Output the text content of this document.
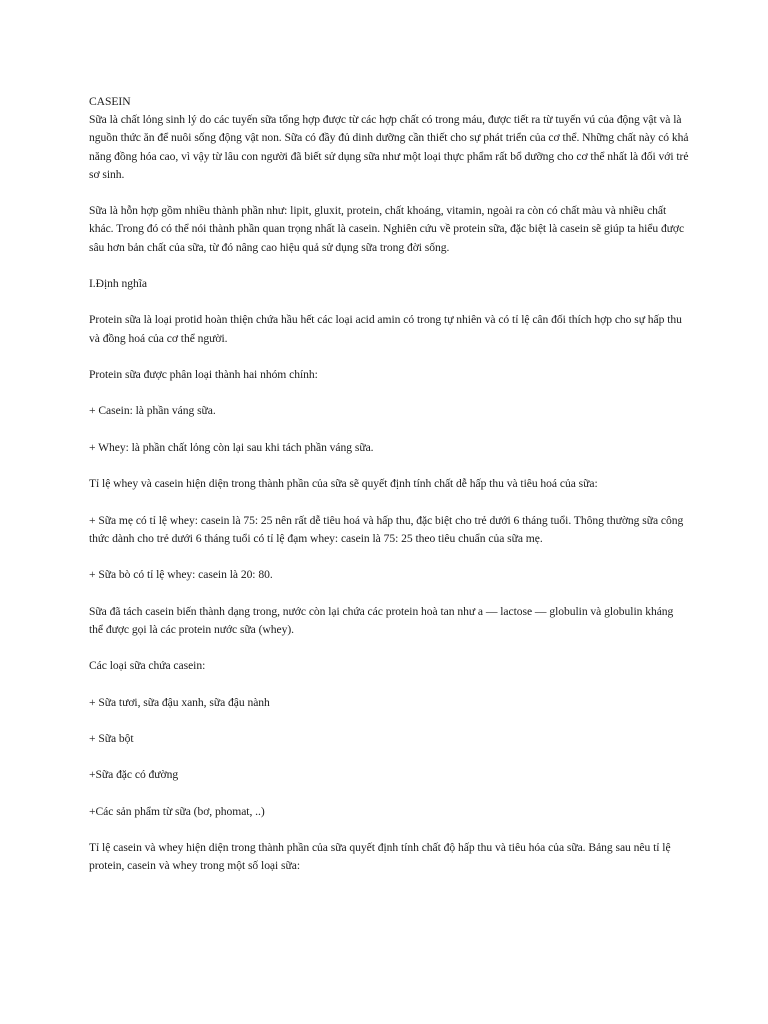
CASEIN

Sữa là chất lỏng sinh lý do các tuyến sữa tổng hợp được từ các hợp chất có trong máu, được tiết ra từ tuyến vú của động vật và là nguồn thức ăn để nuôi sống động vật non. Sữa có đầy đủ dinh dưỡng cần thiết cho sự phát triển của cơ thể. Những chất này có khả năng đồng hóa cao, vì vậy từ lâu con người đã biết sử dụng sữa như một loại thực phẩm rất bổ dưỡng cho cơ thể nhất là đối với trẻ sơ sinh.

Sữa là hỗn hợp gồm nhiều thành phần như: lipit, gluxit, protein, chất khoáng, vitamin, ngoài ra còn có chất màu và nhiều chất khác. Trong đó có thể nói thành phần quan trọng nhất là casein. Nghiên cứu về protein sữa, đặc biệt là casein sẽ giúp ta hiểu được sâu hơn bản chất của sữa, từ đó nâng cao hiệu quả sử dụng sữa trong đời sống.

I.Định nghĩa

Protein sữa là loại protid hoàn thiện chứa hầu hết các loại acid amin có trong tự nhiên và có tỉ lệ cân đối thích hợp cho sự hấp thu và đồng hoá của cơ thể người.

Protein sữa được phân loại thành hai nhóm chính:

+ Casein: là phần váng sữa.

+ Whey: là phần chất lỏng còn lại sau khi tách phần váng sữa.

Tỉ lệ whey và casein hiện diện trong thành phần của sữa sẽ quyết định tính chất dễ hấp thu và tiêu hoá của sữa:

+ Sữa mẹ có tỉ lệ whey: casein là 75: 25 nên rất dễ tiêu hoá và hấp thu, đặc biệt cho trẻ dưới 6 tháng tuổi. Thông thường sữa công thức dành cho trẻ dưới 6 tháng tuổi có tỉ lệ đạm whey: casein là 75: 25 theo tiêu chuẩn của sữa mẹ.

+ Sữa bò có tỉ lệ whey: casein là 20: 80.

Sữa đã tách casein biến thành dạng trong, nước còn lại chứa các protein hoà tan như a — lactose — globulin và globulin kháng thể được gọi là các protein nước sữa (whey).

Các loại sữa chứa casein:

+ Sữa tươi, sữa đậu xanh, sữa đậu nành

+ Sữa bột

+Sữa đặc có đường

+Các sản phẩm từ sữa (bơ, phomat, ..)

Tỉ lệ casein và whey hiện diện trong thành phần của sữa quyết định tính chất độ hấp thu và tiêu hóa của sữa. Bảng sau nêu tỉ lệ protein, casein và whey trong một số loại sữa:
